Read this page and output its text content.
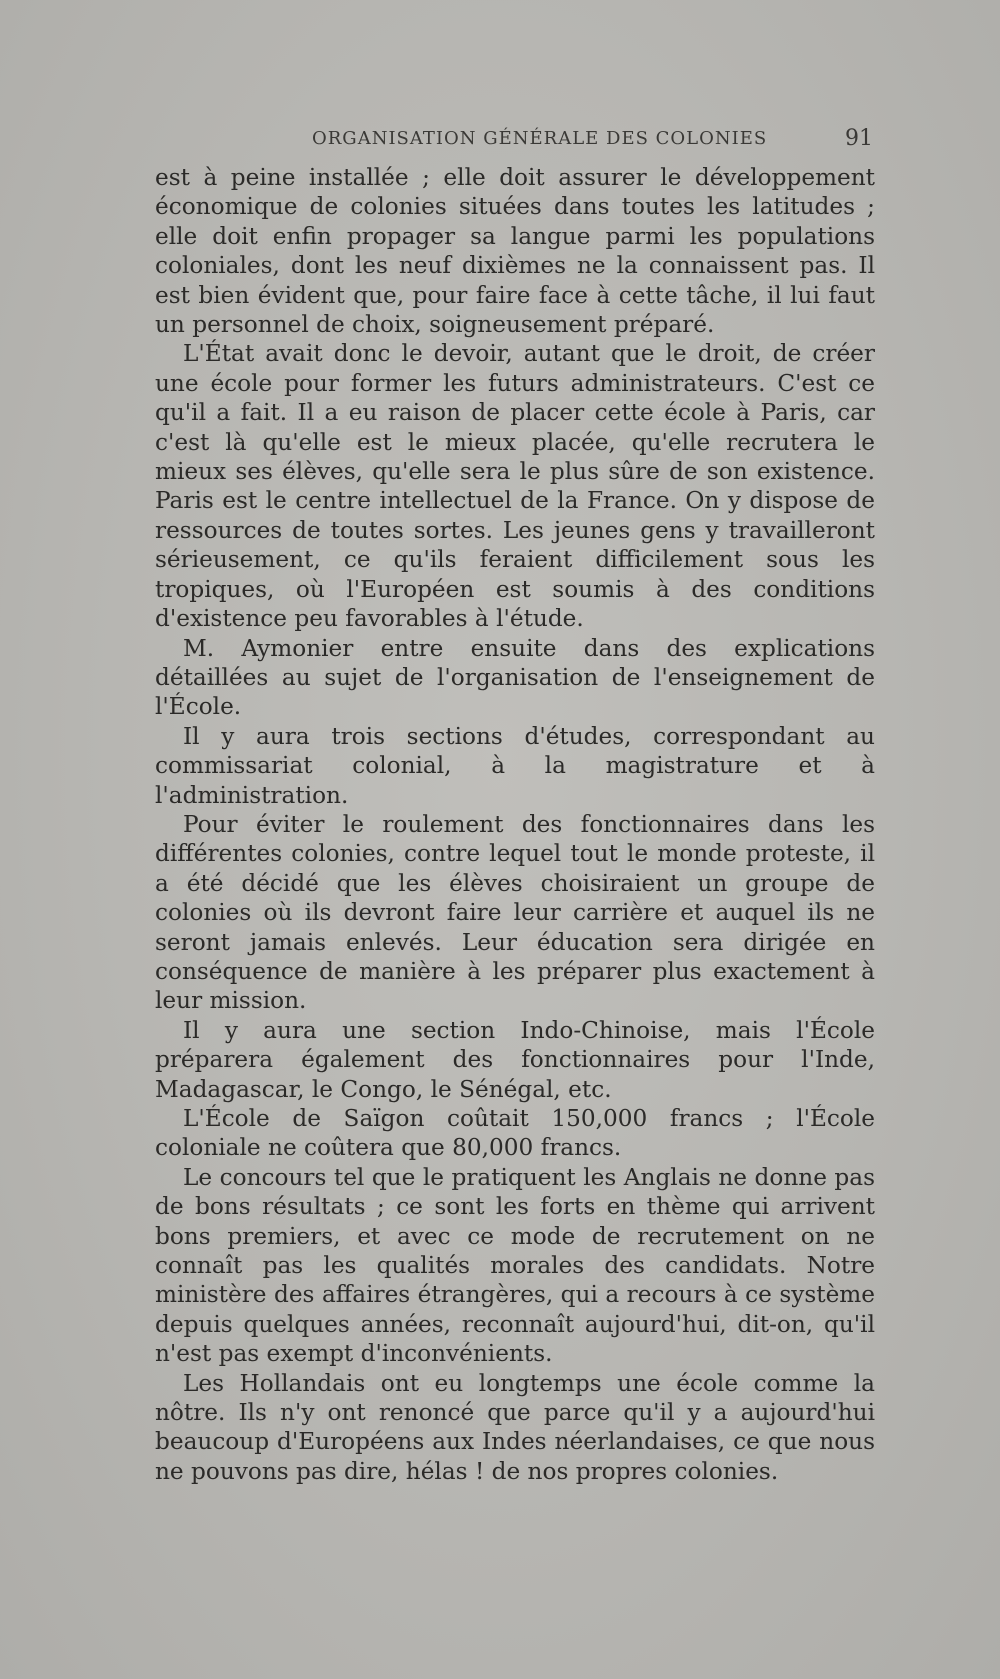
ORGANISATION GÉNÉRALE DES COLONIES	91

est à peine installée ; elle doit assurer le développement économique de colonies situées dans toutes les latitudes ; elle doit enfin propager sa langue parmi les populations coloniales, dont les neuf dixièmes ne la connaissent pas. Il est bien évident que, pour faire face à cette tâche, il lui faut un personnel de choix, soigneusement préparé.

L'État avait donc le devoir, autant que le droit, de créer une école pour former les futurs administrateurs. C'est ce qu'il a fait. Il a eu raison de placer cette école à Paris, car c'est là qu'elle est le mieux placée, qu'elle recrutera le mieux ses élèves, qu'elle sera le plus sûre de son existence. Paris est le centre intellectuel de la France. On y dispose de ressources de toutes sortes. Les jeunes gens y travailleront sérieusement, ce qu'ils feraient difficilement sous les tropiques, où l'Européen est soumis à des conditions d'existence peu favorables à l'étude.

M. Aymonier entre ensuite dans des explications détaillées au sujet de l'organisation de l'enseignement de l'École.

Il y aura trois sections d'études, correspondant au commissariat colonial, à la magistrature et à l'administration.

Pour éviter le roulement des fonctionnaires dans les différentes colonies, contre lequel tout le monde proteste, il a été décidé que les élèves choisiraient un groupe de colonies où ils devront faire leur carrière et auquel ils ne seront jamais enlevés. Leur éducation sera dirigée en conséquence de manière à les préparer plus exactement à leur mission.

Il y aura une section Indo-Chinoise, mais l'École préparera également des fonctionnaires pour l'Inde, Madagascar, le Congo, le Sénégal, etc.

L'École de Saïgon coûtait 150,000 francs ; l'École coloniale ne coûtera que 80,000 francs.

Le concours tel que le pratiquent les Anglais ne donne pas de bons résultats ; ce sont les forts en thème qui arrivent bons premiers, et avec ce mode de recrutement on ne connaît pas les qualités morales des candidats. Notre ministère des affaires étrangères, qui a recours à ce système depuis quelques années, reconnaît aujourd'hui, dit-on, qu'il n'est pas exempt d'inconvénients.

Les Hollandais ont eu longtemps une école comme la nôtre. Ils n'y ont renoncé que parce qu'il y a aujourd'hui beaucoup d'Européens aux Indes néerlandaises, ce que nous ne pouvons pas dire, hélas ! de nos propres colonies.
